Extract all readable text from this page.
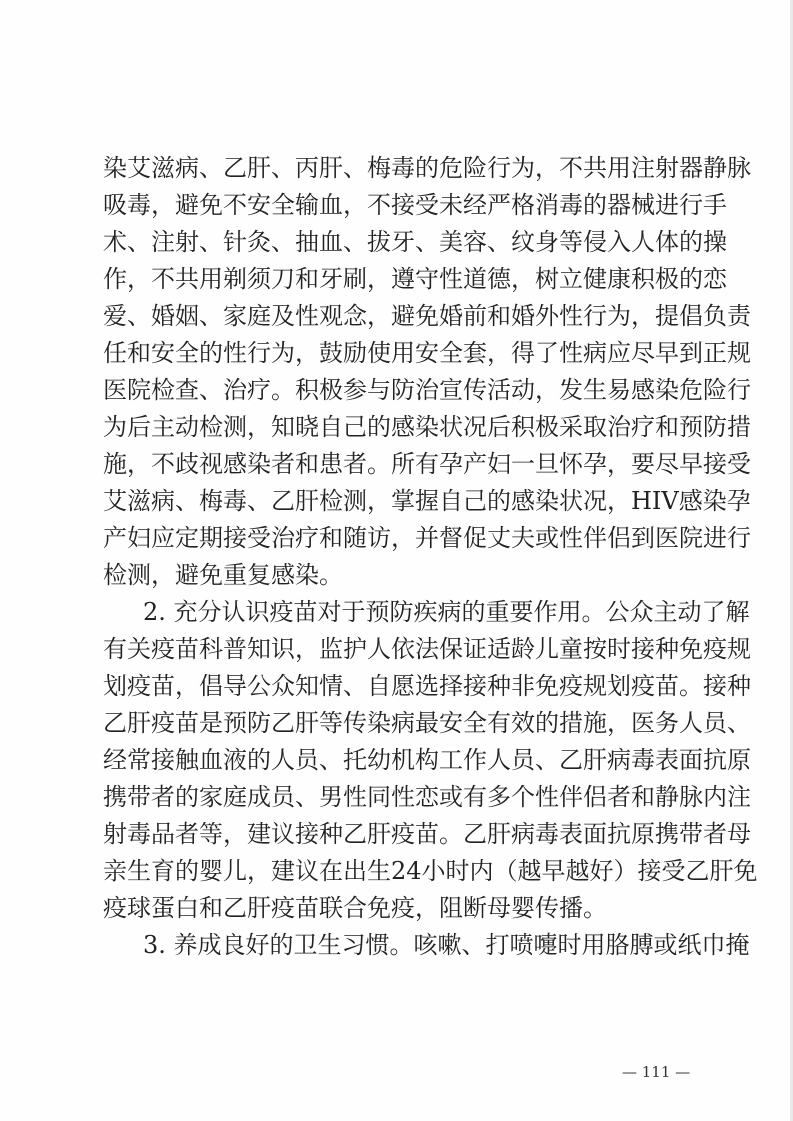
染艾滋病、乙肝、丙肝、梅毒的危险行为，不共用注射器静脉
吸毒，避免不安全输血，不接受未经严格消毒的器械进行手
术、注射、针灸、抽血、拔牙、美容、纹身等侵入人体的操
作，不共用剃须刀和牙刷，遵守性道德，树立健康积极的恋
爱、婚姻、家庭及性观念，避免婚前和婚外性行为，提倡负责
任和安全的性行为，鼓励使用安全套，得了性病应尽早到正规
医院检查、治疗。积极参与防治宣传活动，发生易感染危险行
为后主动检测，知晓自己的感染状况后积极采取治疗和预防措
施，不歧视感染者和患者。所有孕产妇一旦怀孕，要尽早接受
艾滋病、梅毒、乙肝检测，掌握自己的感染状况，HIV感染孕
产妇应定期接受治疗和随访，并督促丈夫或性伴侣到医院进行
检测，避免重复感染。
2. 充分认识疫苗对于预防疾病的重要作用。公众主动了解
有关疫苗科普知识，监护人依法保证适龄儿童按时接种免疫规
划疫苗，倡导公众知情、自愿选择接种非免疫规划疫苗。接种
乙肝疫苗是预防乙肝等传染病最安全有效的措施，医务人员、
经常接触血液的人员、托幼机构工作人员、乙肝病毒表面抗原
携带者的家庭成员、男性同性恋或有多个性伴侣者和静脉内注
射毒品者等，建议接种乙肝疫苗。乙肝病毒表面抗原携带者母
亲生育的婴儿，建议在出生24小时内（越早越好）接受乙肝免
疫球蛋白和乙肝疫苗联合免疫，阻断母婴传播。
3. 养成良好的卫生习惯。咳嗽、打喷嚏时用胳膊或纸巾掩
— 111 —
